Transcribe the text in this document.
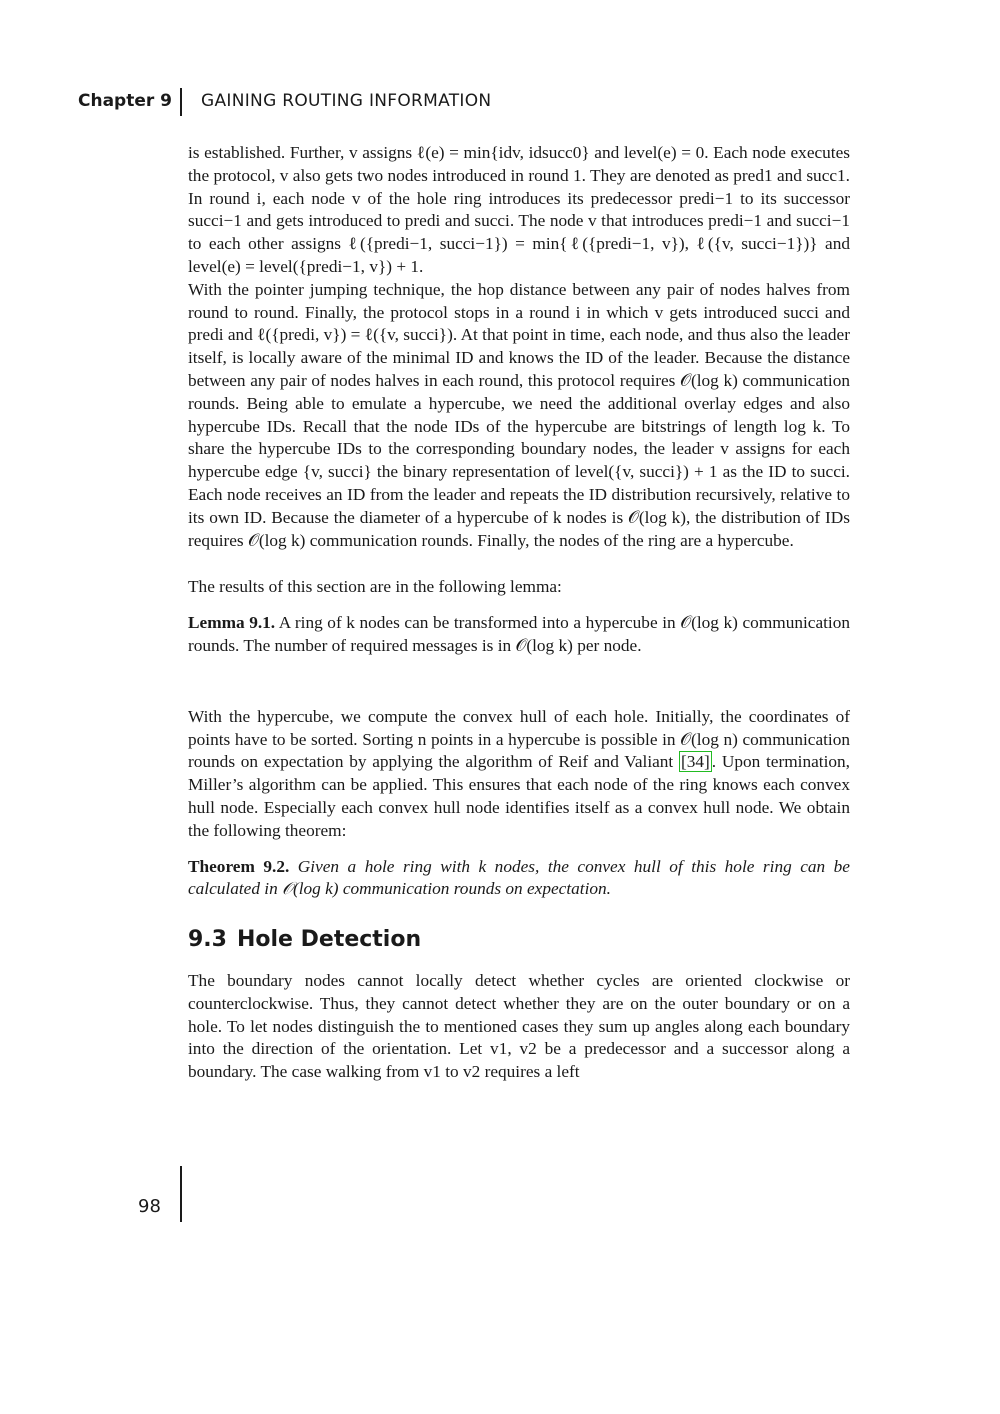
Chapter 9 GAINING ROUTING INFORMATION

is established. Further, v assigns ℓ(e) = min{idv, idsucc0} and level(e) = 0. Each node executes the protocol, v also gets two nodes introduced in round 1. They are denoted as pred1 and succ1. In round i, each node v of the hole ring introduces its predecessor predi−1 to its successor succi−1 and gets introduced to predi and succi. The node v that introduces predi−1 and succi−1 to each other assigns ℓ({predi−1, succi−1}) = min{ℓ({predi−1, v}), ℓ({v, succi−1})} and level(e) = level({predi−1, v}) + 1.

With the pointer jumping technique, the hop distance between any pair of nodes halves from round to round. Finally, the protocol stops in a round i in which v gets introduced succi and predi and ℓ({predi, v}) = ℓ({v, succi}). At that point in time, each node, and thus also the leader itself, is locally aware of the minimal ID and knows the ID of the leader. Because the distance between any pair of nodes halves in each round, this protocol requires 𝒪(log k) communication rounds. Being able to emulate a hypercube, we need the additional overlay edges and also hypercube IDs. Recall that the node IDs of the hypercube are bitstrings of length log k. To share the hypercube IDs to the corresponding boundary nodes, the leader v assigns for each hypercube edge {v, succi} the binary representation of level({v, succi}) + 1 as the ID to succi. Each node receives an ID from the leader and repeats the ID distribution recursively, relative to its own ID. Because the diameter of a hypercube of k nodes is 𝒪(log k), the distribution of IDs requires 𝒪(log k) communication rounds. Finally, the nodes of the ring are a hypercube.

The results of this section are in the following lemma:

Lemma 9.1. A ring of k nodes can be transformed into a hypercube in 𝒪(log k) communication rounds. The number of required messages is in 𝒪(log k) per node.

With the hypercube, we compute the convex hull of each hole. Initially, the coordinates of points have to be sorted. Sorting n points in a hypercube is possible in 𝒪(log n) communication rounds on expectation by applying the algorithm of Reif and Valiant [34] . Upon termination, Miller’s algorithm can be applied. This ensures that each node of the ring knows each convex hull node. Especially each convex hull node identifies itself as a convex hull node. We obtain the following theorem:

Theorem 9.2. Given a hole ring with k nodes, the convex hull of this hole ring can be calculated in 𝒪(log k) communication rounds on expectation.

9.3 Hole Detection

The boundary nodes cannot locally detect whether cycles are oriented clockwise or counterclockwise. Thus, they cannot detect whether they are on the outer boundary or on a hole. To let nodes distinguish the to mentioned cases they sum up angles along each boundary into the direction of the orientation. Let v1, v2 be a predecessor and a successor along a boundary. The case walking from v1 to v2 requires a left

98
